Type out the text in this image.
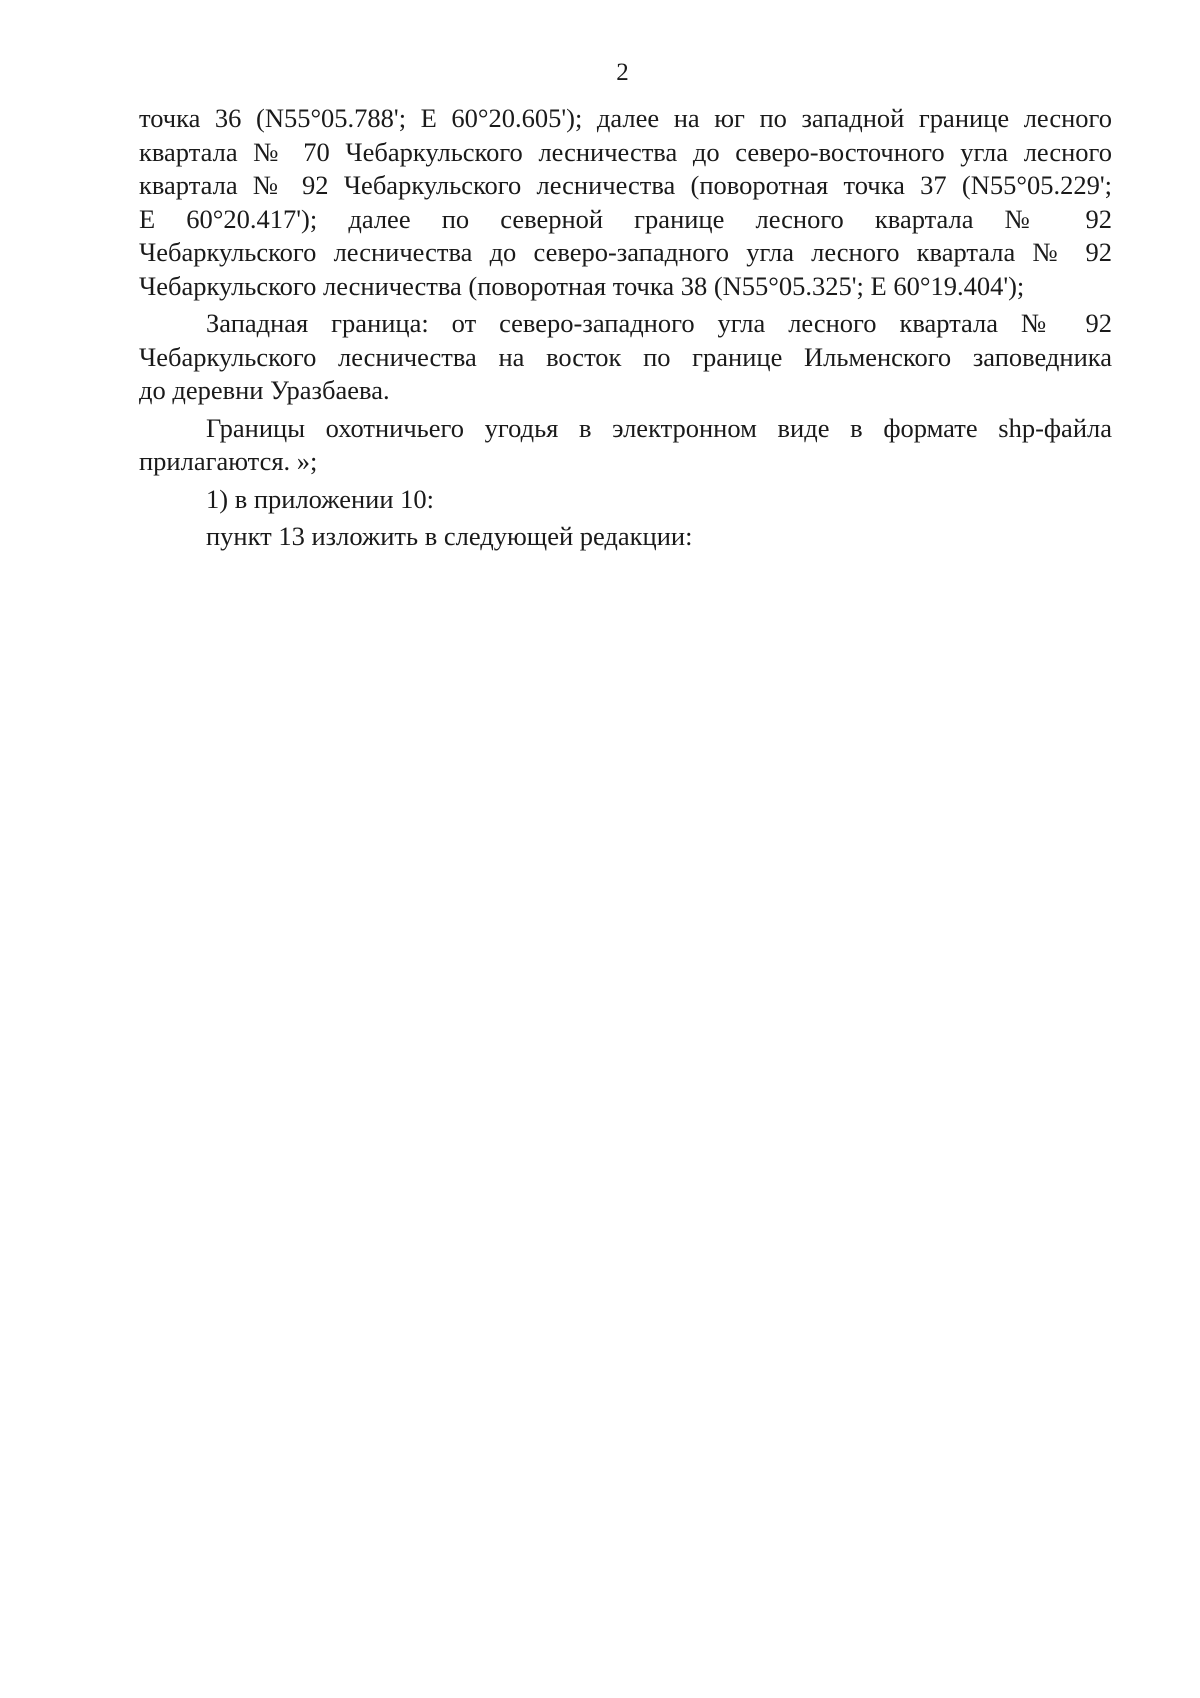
2

точка 36 (N55°05.788'; E 60°20.605'); далее на юг по западной границе лесного
квартала № 70 Чебаркульского лесничества до северо-восточного угла лесного
квартала № 92 Чебаркульского лесничества (поворотная точка 37 (N55°05.229';
E 60°20.417'); далее по северной границе лесного квартала № 92
Чебаркульского лесничества до северо-западного угла лесного квартала № 92
Чебаркульского лесничества (поворотная точка 38 (N55°05.325'; E 60°19.404');

Западная граница: от северо-западного угла лесного квартала № 92
Чебаркульского лесничества на восток по границе Ильменского заповедника
до деревни Уразбаева.

Границы охотничьего угодья в электронном виде в формате shp-файла
прилагаются. »;

1) в приложении 10:

пункт 13 изложить в следующей редакции:
